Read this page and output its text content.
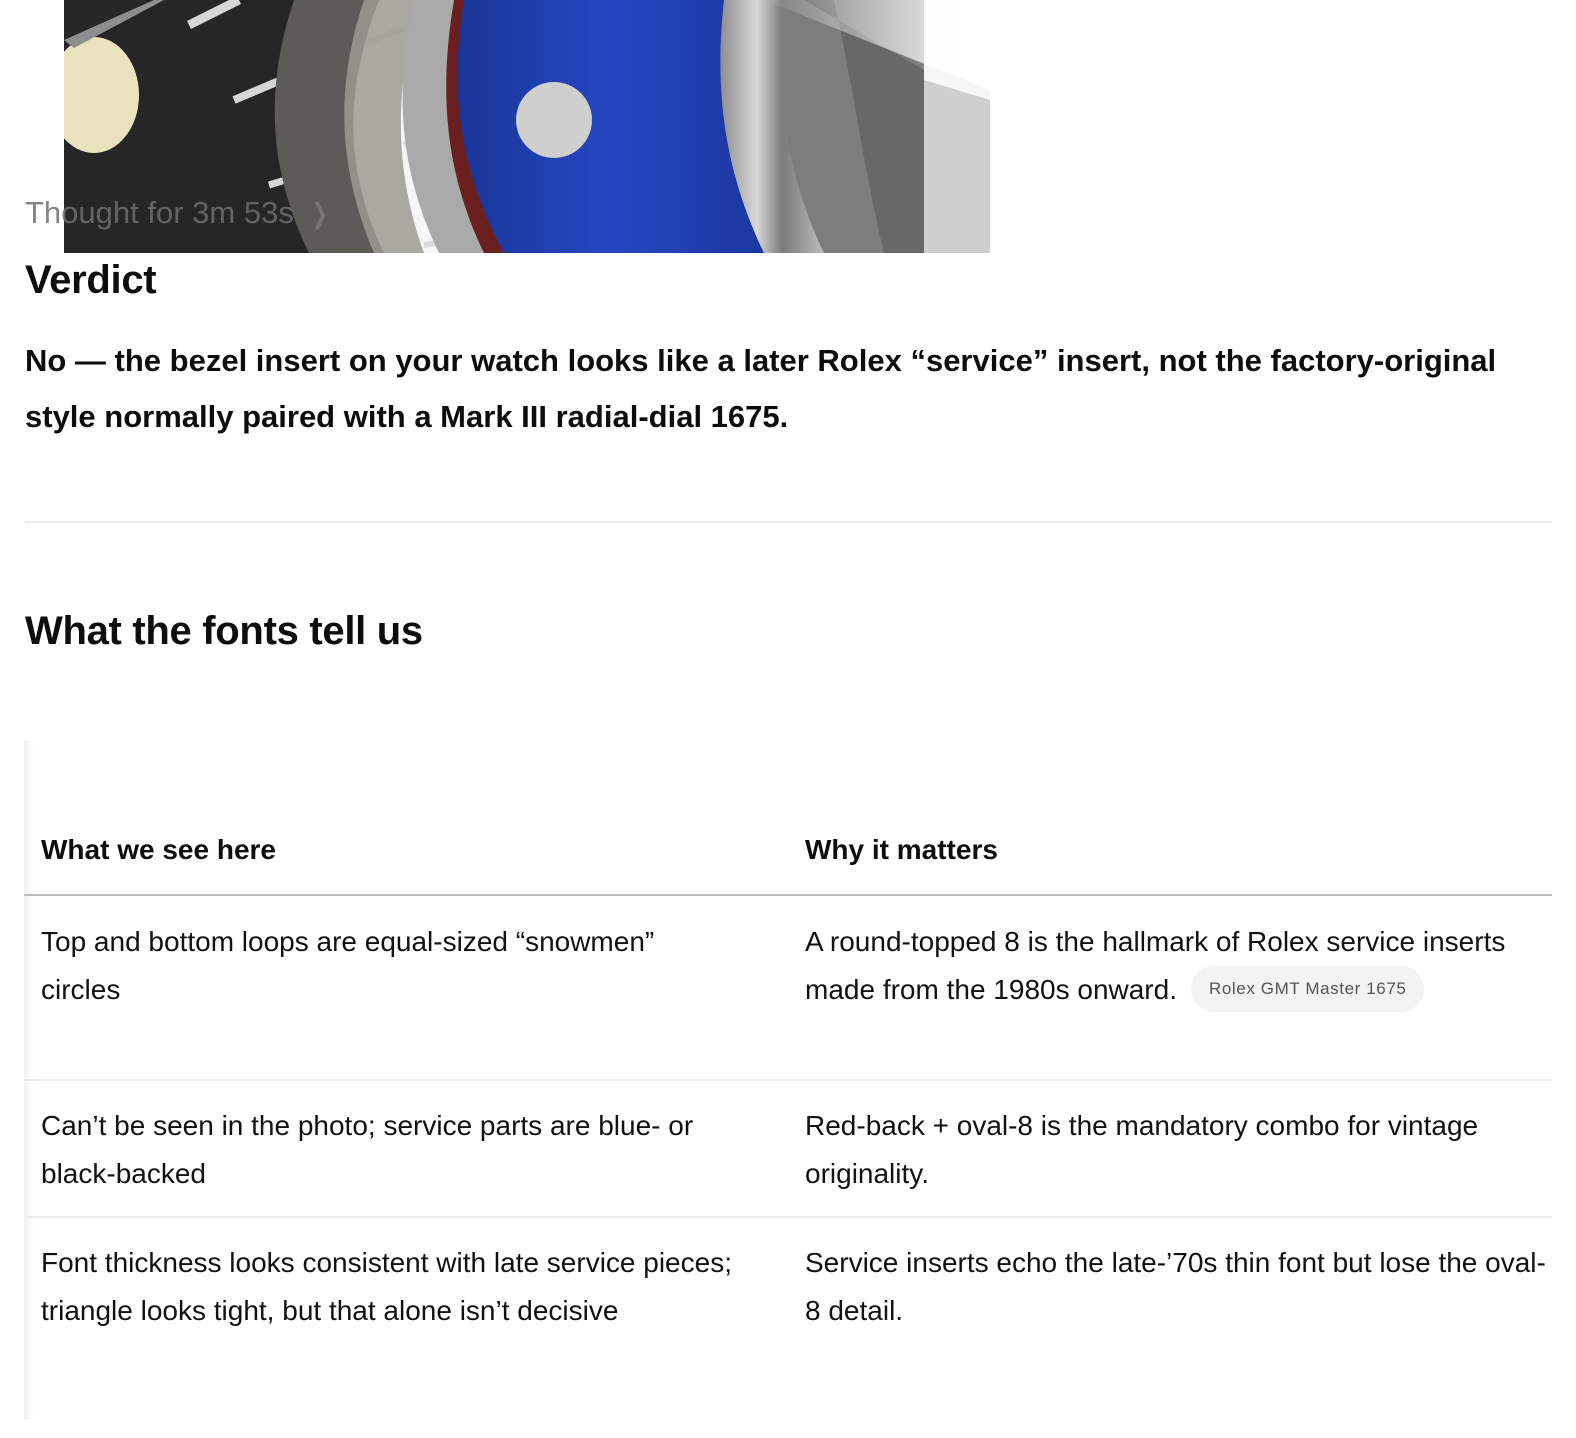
Thought for 3m 53s ❯
Verdict

No — the bezel insert on your watch looks like a later Rolex “service” insert, not the factory-original style normally paired with a Mark III radial-dial 1675.

What the fonts tell us
What we see here	Why it matters
Top and bottom loops are equal-sized “snowmen” circles
A round-topped 8 is the hallmark of Rolex service inserts made from the 1980s onward. Rolex GMT Master 1675
Can’t be seen in the photo; service parts are blue- or black-backed
Red-back + oval-8 is the mandatory combo for vintage originality.
Font thickness looks consistent with late service pieces; triangle looks tight, but that alone isn’t decisive
Service inserts echo the late-’70s thin font but lose the oval-8 detail.
